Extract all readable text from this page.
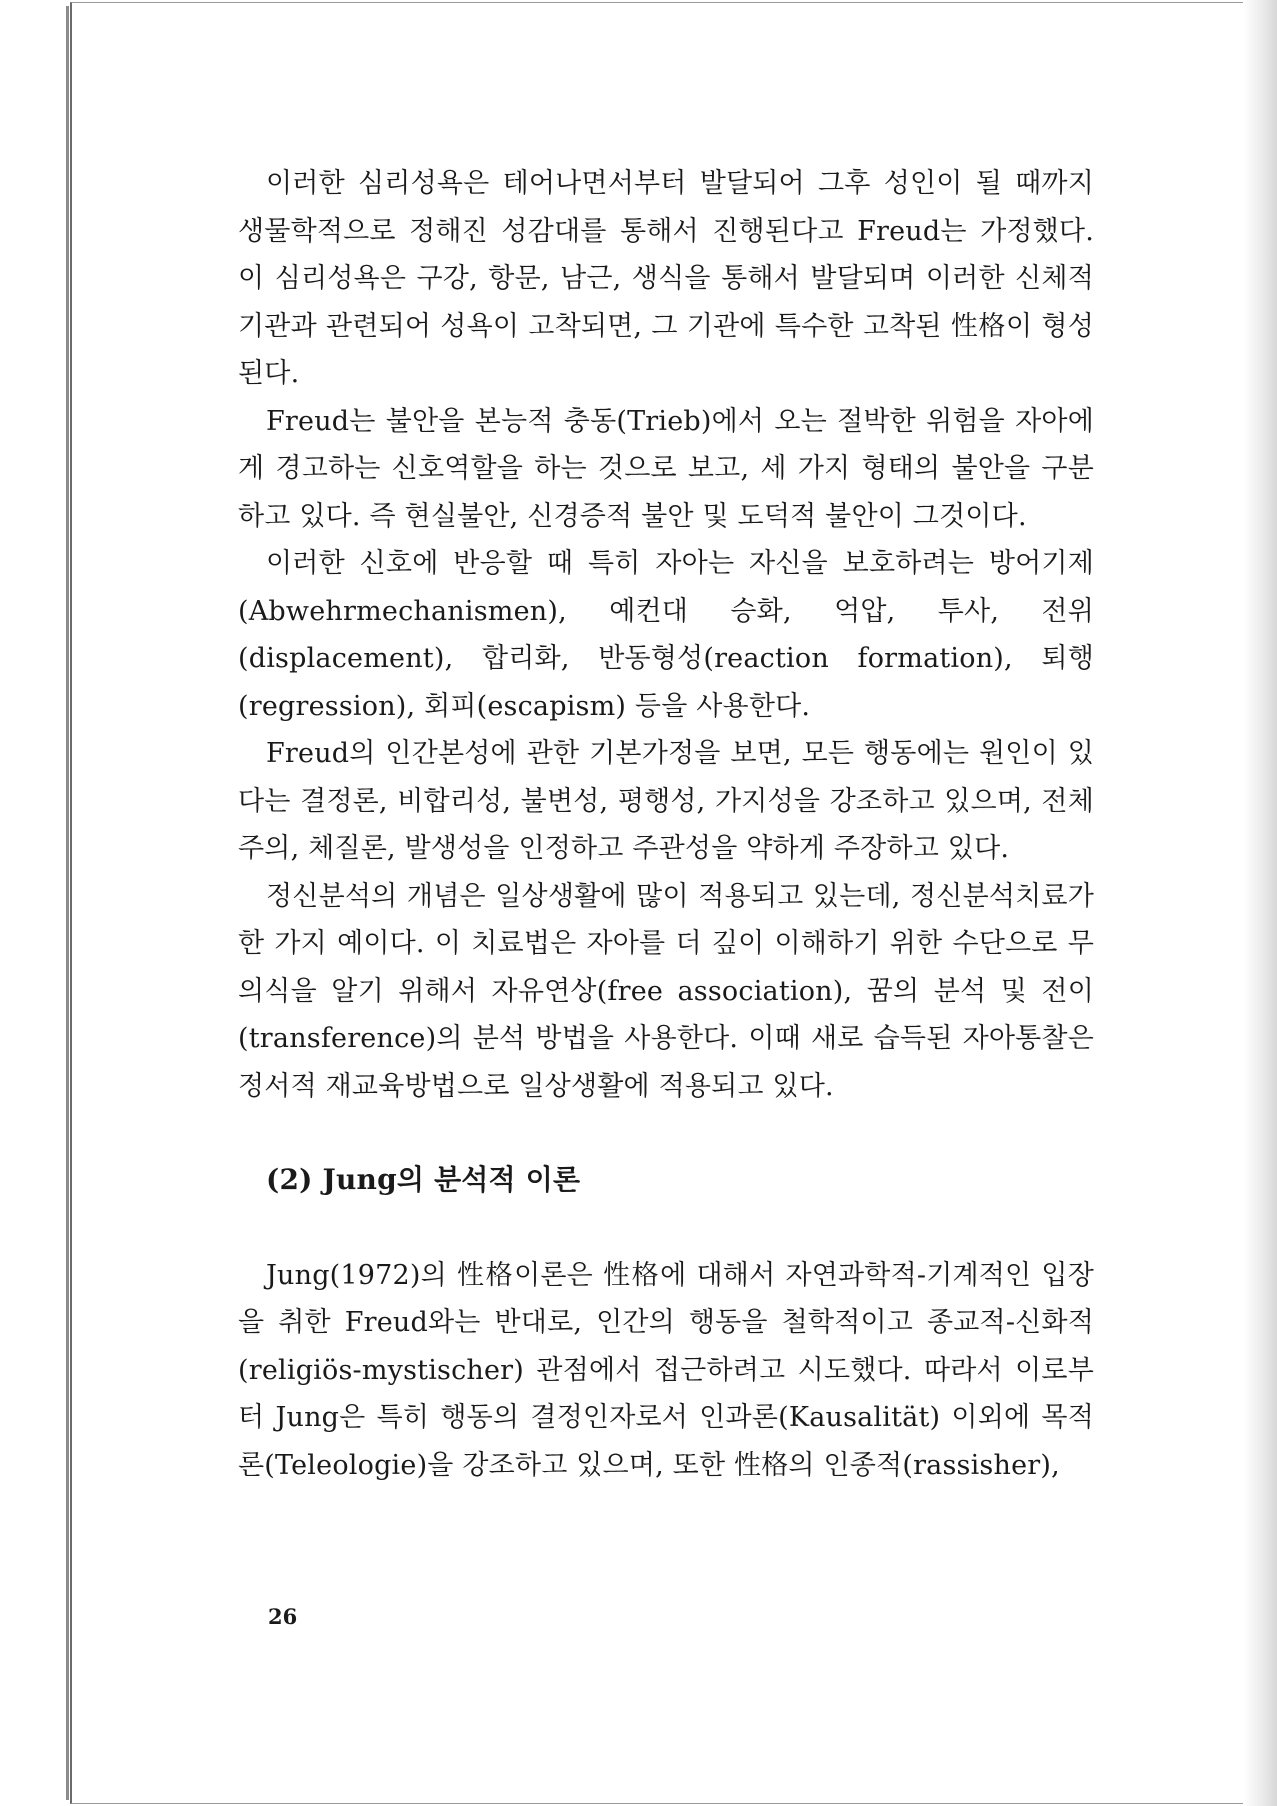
이러한 심리성욕은 테어나면서부터 발달되어 그후 성인이 될 때까지 생물학적으로 정해진 성감대를 통해서 진행된다고 Freud는 가정했다. 이 심리성욕은 구강, 항문, 남근, 생식을 통해서 발달되며 이러한 신체적 기관과 관련되어 성욕이 고착되면, 그 기관에 특수한 고착된 性格이 형성된다.

Freud는 불안을 본능적 충동(Trieb)에서 오는 절박한 위험을 자아에게 경고하는 신호역할을 하는 것으로 보고, 세 가지 형태의 불안을 구분하고 있다. 즉 현실불안, 신경증적 불안 및 도덕적 불안이 그것이다.

이러한 신호에 반응할 때 특히 자아는 자신을 보호하려는 방어기제(Abwehrmechanismen), 예컨대 승화, 억압, 투사, 전위(displacement), 합리화, 반동형성(reaction formation), 퇴행(regression), 회피(escapism) 등을 사용한다.

Freud의 인간본성에 관한 기본가정을 보면, 모든 행동에는 원인이 있다는 결정론, 비합리성, 불변성, 평행성, 가지성을 강조하고 있으며, 전체주의, 체질론, 발생성을 인정하고 주관성을 약하게 주장하고 있다.

정신분석의 개념은 일상생활에 많이 적용되고 있는데, 정신분석치료가 한 가지 예이다. 이 치료법은 자아를 더 깊이 이해하기 위한 수단으로 무의식을 알기 위해서 자유연상(free association), 꿈의 분석 및 전이(transference)의 분석 방법을 사용한다. 이때 새로 습득된 자아통찰은 정서적 재교육방법으로 일상생활에 적용되고 있다.

(2) Jung의 분석적 이론

Jung(1972)의 性格이론은 性格에 대해서 자연과학적-기계적인 입장을 취한 Freud와는 반대로, 인간의 행동을 철학적이고 종교적-신화적(religiös-mystischer) 관점에서 접근하려고 시도했다. 따라서 이로부터 Jung은 특히 행동의 결정인자로서 인과론(Kausalität) 이외에 목적론(Teleologie)을 강조하고 있으며, 또한 性格의 인종적(rassisher),

26
